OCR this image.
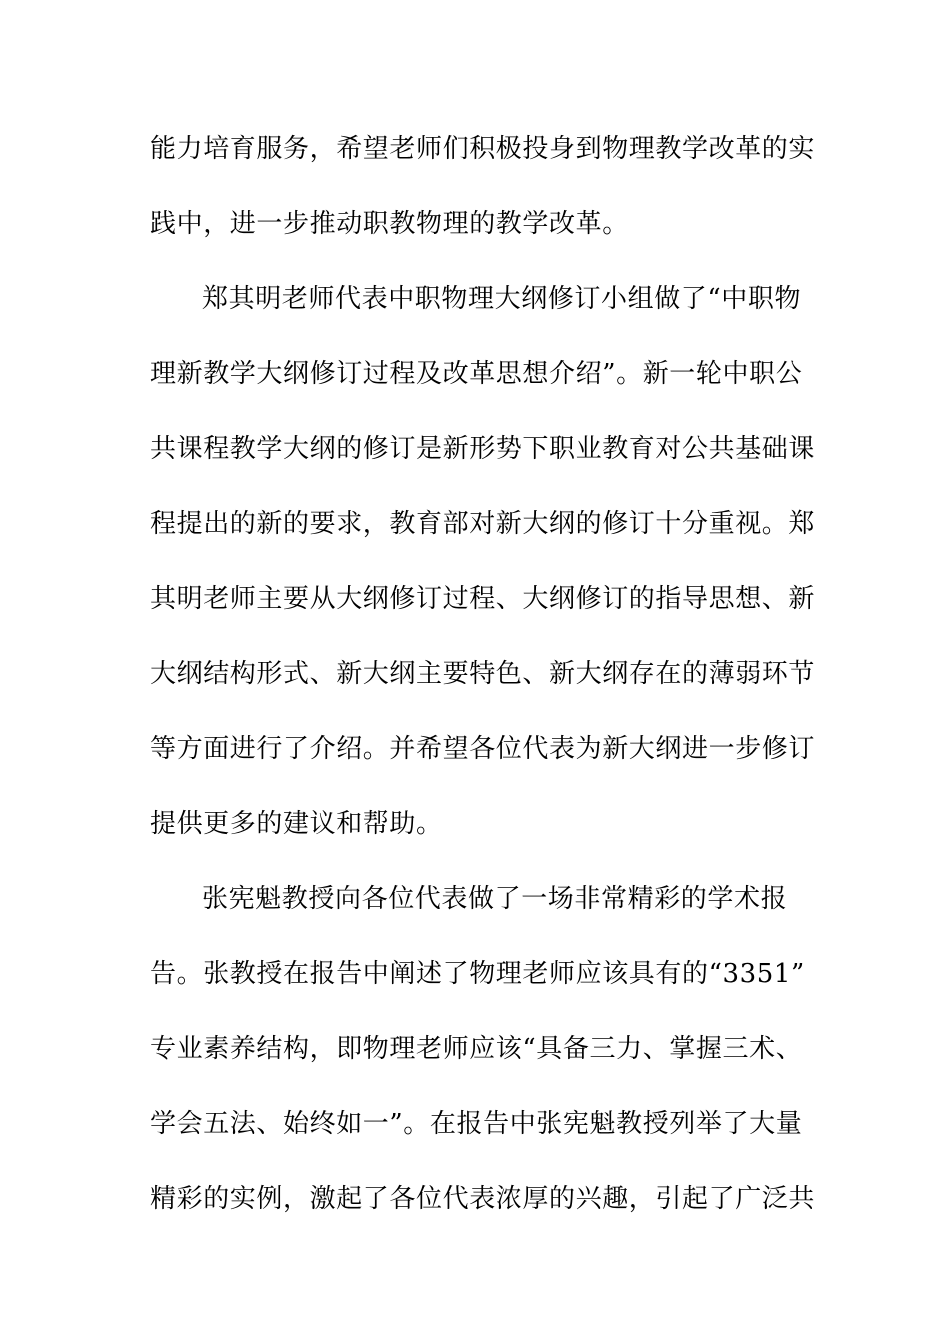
能力培育服务，希望老师们积极投身到物理教学改革的实
践中，进一步推动职教物理的教学改革。
郑其明老师代表中职物理大纲修订小组做了“中职物
理新教学大纲修订过程及改革思想介绍”。新一轮中职公
共课程教学大纲的修订是新形势下职业教育对公共基础课
程提出的新的要求，教育部对新大纲的修订十分重视。郑
其明老师主要从大纲修订过程、大纲修订的指导思想、新
大纲结构形式、新大纲主要特色、新大纲存在的薄弱环节
等方面进行了介绍。并希望各位代表为新大纲进一步修订
提供更多的建议和帮助。
张宪魁教授向各位代表做了一场非常精彩的学术报
告。张教授在报告中阐述了物理老师应该具有的“3351”
专业素养结构，即物理老师应该“具备三力、掌握三术、
学会五法、始终如一”。在报告中张宪魁教授列举了大量
精彩的实例，激起了各位代表浓厚的兴趣，引起了广泛共
